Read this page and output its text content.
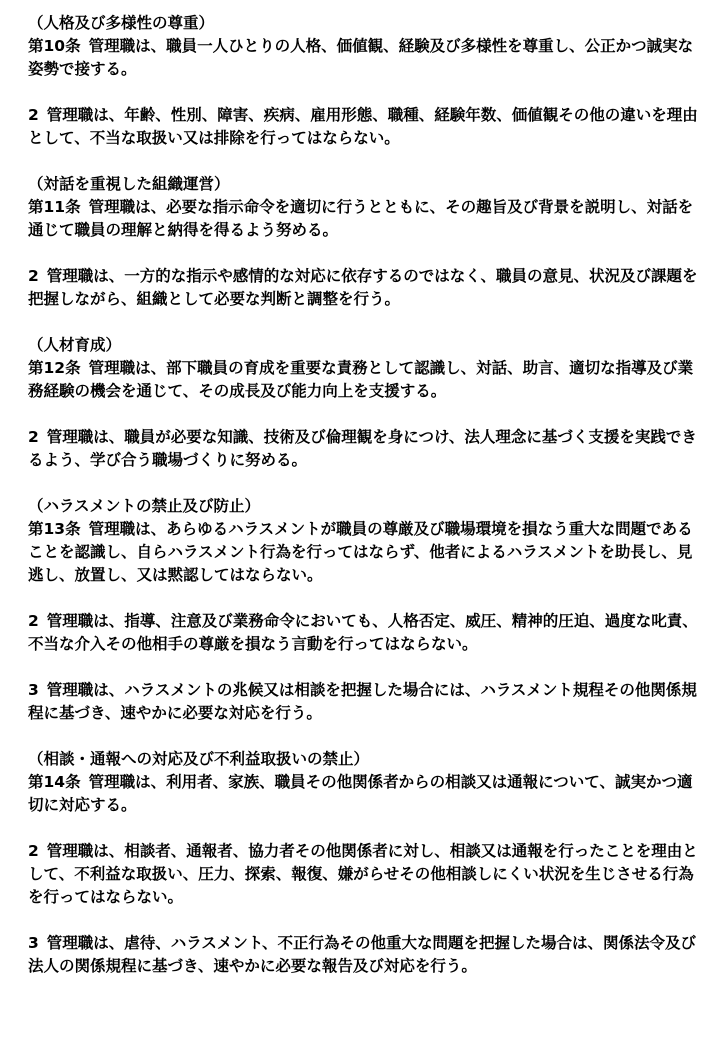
（人格及び多様性の尊重）
第10条 管理職は、職員一人ひとりの人格、価値観、経験及び多様性を尊重し、公正かつ誠実な姿勢で接する。
2 管理職は、年齢、性別、障害、疾病、雇用形態、職種、経験年数、価値観その他の違いを理由として、不当な取扱い又は排除を行ってはならない。
（対話を重視した組織運営）
第11条 管理職は、必要な指示命令を適切に行うとともに、その趣旨及び背景を説明し、対話を通じて職員の理解と納得を得るよう努める。
2 管理職は、一方的な指示や感情的な対応に依存するのではなく、職員の意見、状況及び課題を把握しながら、組織として必要な判断と調整を行う。
（人材育成）
第12条 管理職は、部下職員の育成を重要な責務として認識し、対話、助言、適切な指導及び業務経験の機会を通じて、その成長及び能力向上を支援する。
2 管理職は、職員が必要な知識、技術及び倫理観を身につけ、法人理念に基づく支援を実践できるよう、学び合う職場づくりに努める。
（ハラスメントの禁止及び防止）
第13条 管理職は、あらゆるハラスメントが職員の尊厳及び職場環境を損なう重大な問題であることを認識し、自らハラスメント行為を行ってはならず、他者によるハラスメントを助長し、見逃し、放置し、又は黙認してはならない。
2 管理職は、指導、注意及び業務命令においても、人格否定、威圧、精神的圧迫、過度な叱責、不当な介入その他相手の尊厳を損なう言動を行ってはならない。
3 管理職は、ハラスメントの兆候又は相談を把握した場合には、ハラスメント規程その他関係規程に基づき、速やかに必要な対応を行う。
（相談・通報への対応及び不利益取扱いの禁止）
第14条 管理職は、利用者、家族、職員その他関係者からの相談又は通報について、誠実かつ適切に対応する。
2 管理職は、相談者、通報者、協力者その他関係者に対し、相談又は通報を行ったことを理由として、不利益な取扱い、圧力、探索、報復、嫌がらせその他相談しにくい状況を生じさせる行為を行ってはならない。
3 管理職は、虐待、ハラスメント、不正行為その他重大な問題を把握した場合は、関係法令及び法人の関係規程に基づき、速やかに必要な報告及び対応を行う。
